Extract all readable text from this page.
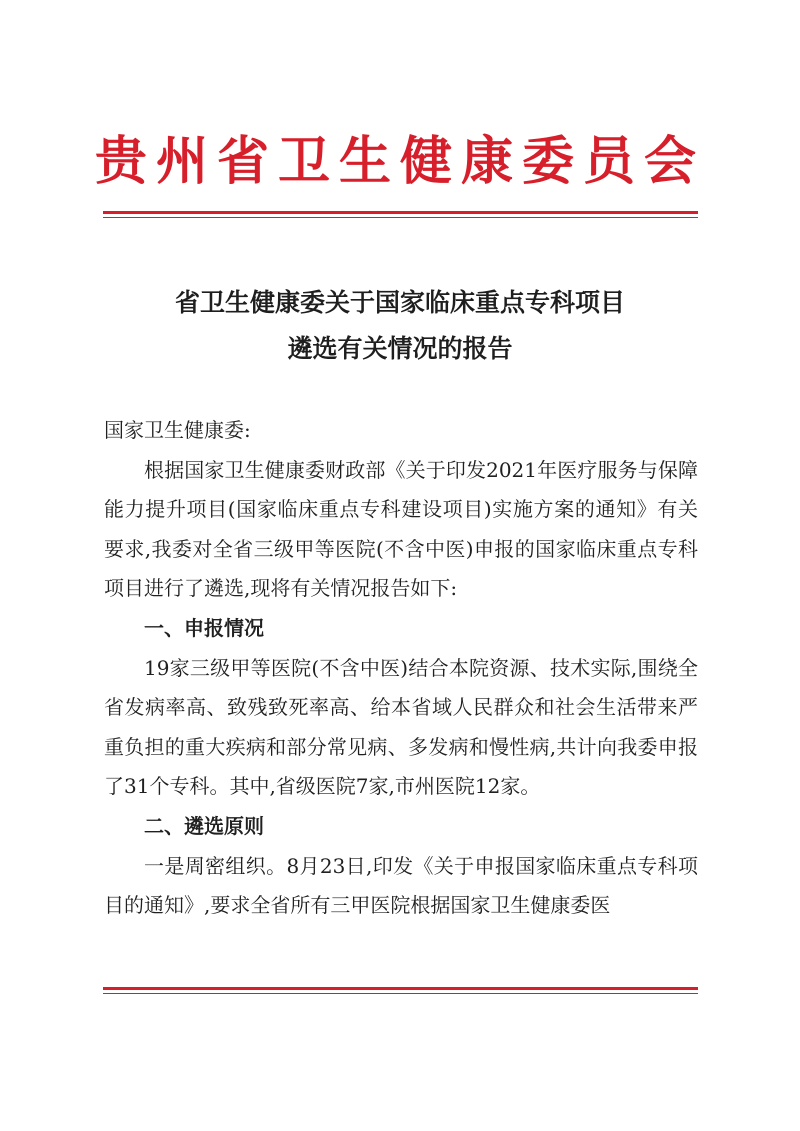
贵州省卫生健康委员会
省卫生健康委关于国家临床重点专科项目
遴选有关情况的报告

国家卫生健康委:

根据国家卫生健康委财政部《关于印发2021年医疗服务与保障能力提升项目(国家临床重点专科建设项目)实施方案的通知》有关要求,我委对全省三级甲等医院(不含中医)申报的国家临床重点专科项目进行了遴选,现将有关情况报告如下:

一、申报情况

19家三级甲等医院(不含中医)结合本院资源、技术实际,围绕全省发病率高、致残致死率高、给本省域人民群众和社会生活带来严重负担的重大疾病和部分常见病、多发病和慢性病,共计向我委申报了31个专科。其中,省级医院7家,市州医院12家。

二、遴选原则

一是周密组织。8月23日,印发《关于申报国家临床重点专科项目的通知》,要求全省所有三甲医院根据国家卫生健康委医
